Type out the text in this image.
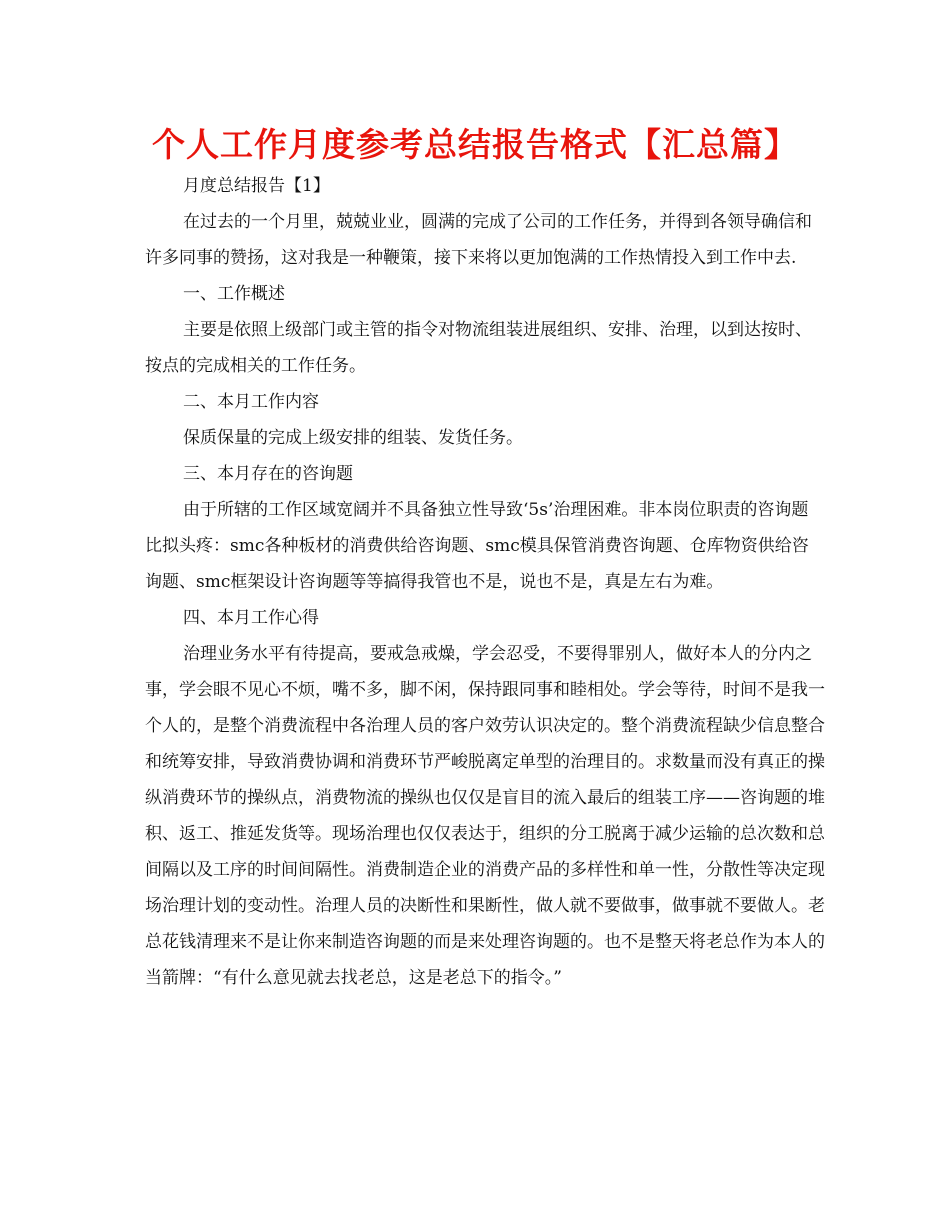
个人工作月度参考总结报告格式【汇总篇】

月度总结报告【1】

在过去的一个月里，兢兢业业，圆满的完成了公司的工作任务，并得到各领导确信和许多同事的赞扬，这对我是一种鞭策，接下来将以更加饱满的工作热情投入到工作中去.

一、工作概述

主要是依照上级部门或主管的指令对物流组装进展组织、安排、治理，以到达按时、按点的完成相关的工作任务。

二、本月工作内容

保质保量的完成上级安排的组装、发货任务。

三、本月存在的咨询题

由于所辖的工作区域宽阔并不具备独立性导致‘5s’治理困难。非本岗位职责的咨询题比拟头疼：smc各种板材的消费供给咨询题、smc模具保管消费咨询题、仓库物资供给咨询题、smc框架设计咨询题等等搞得我管也不是，说也不是，真是左右为难。

四、本月工作心得

治理业务水平有待提高，要戒急戒燥，学会忍受，不要得罪别人，做好本人的分内之事，学会眼不见心不烦，嘴不多，脚不闲，保持跟同事和睦相处。学会等待，时间不是我一个人的，是整个消费流程中各治理人员的客户效劳认识决定的。整个消费流程缺少信息整合和统筹安排，导致消费协调和消费环节严峻脱离定单型的治理目的。求数量而没有真正的操纵消费环节的操纵点，消费物流的操纵也仅仅是盲目的流入最后的组装工序——咨询题的堆积、返工、推延发货等。现场治理也仅仅表达于，组织的分工脱离于减少运输的总次数和总间隔以及工序的时间间隔性。消费制造企业的消费产品的多样性和单一性，分散性等决定现场治理计划的变动性。治理人员的决断性和果断性，做人就不要做事，做事就不要做人。老总花钱清理来不是让你来制造咨询题的而是来处理咨询题的。也不是整天将老总作为本人的当箭牌：“有什么意见就去找老总，这是老总下的指令。”
